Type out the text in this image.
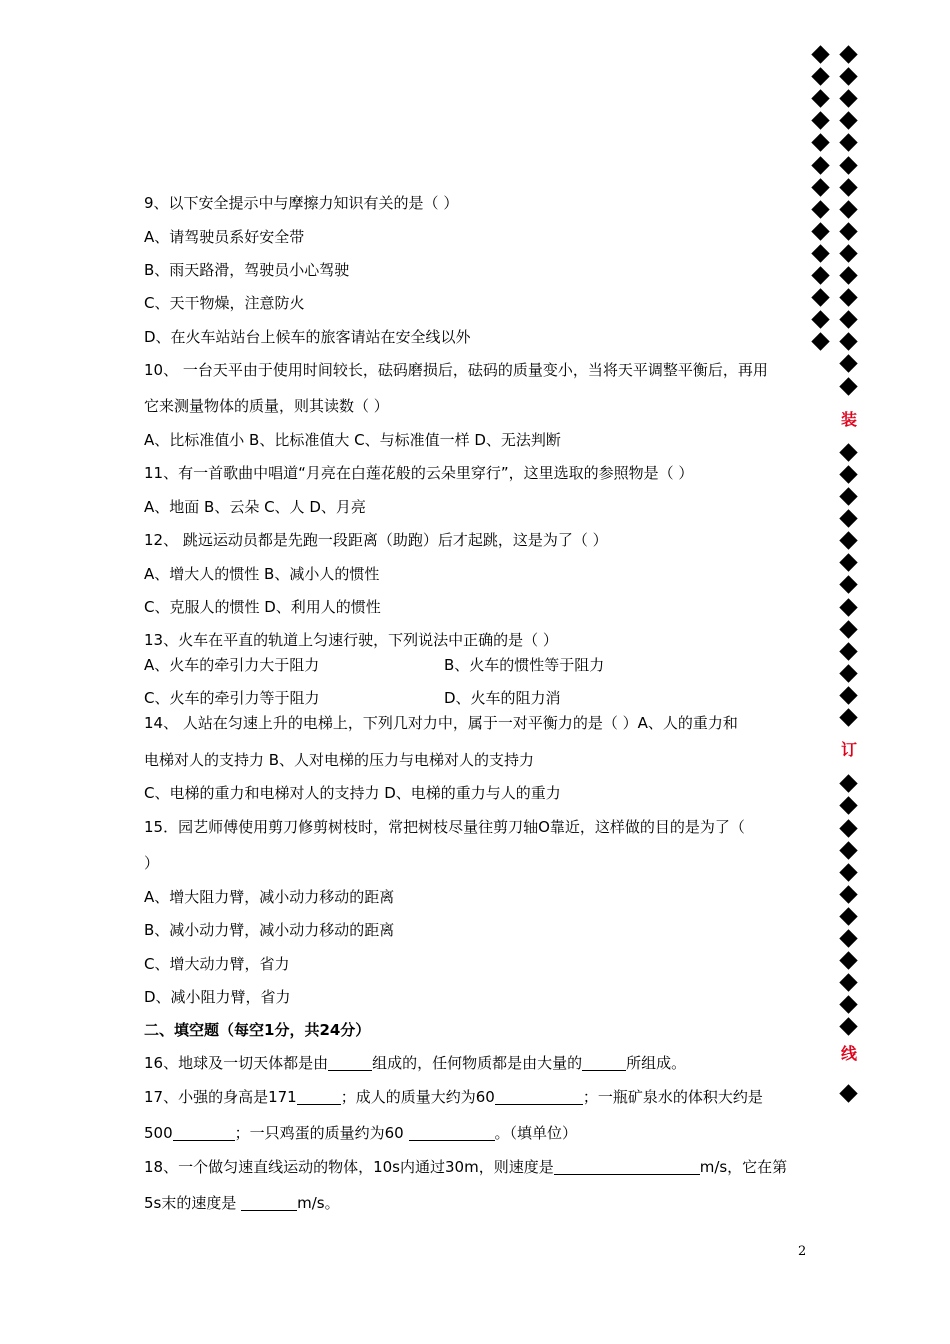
9、以下安全提示中与摩擦力知识有关的是（ ）
A、请驾驶员系好安全带
B、雨天路滑，驾驶员小心驾驶
C、天干物燥，注意防火
D、在火车站站台上候车的旅客请站在安全线以外
10、 一台天平由于使用时间较长，砝码磨损后，砝码的质量变小，当将天平调整平衡后，再用
它来测量物体的质量，则其读数（ ）
A、比标准值小 B、比标准值大 C、与标准值一样 D、无法判断
11、有一首歌曲中唱道“月亮在白莲花般的云朵里穿行”，这里选取的参照物是（ ）
A、地面 B、云朵 C、人 D、月亮
12、 跳远运动员都是先跑一段距离（助跑）后才起跳，这是为了（ ）
A、增大人的惯性 B、减小人的惯性
C、克服人的惯性 D、利用人的惯性
13、火车在平直的轨道上匀速行驶，下列说法中正确的是（ ）
A、火车的牵引力大于阻力	B、火车的惯性等于阻力
C、火车的牵引力等于阻力	D、火车的阻力消
14、 人站在匀速上升的电梯上，下列几对力中，属于一对平衡力的是（ ）A、人的重力和
电梯对人的支持力 B、人对电梯的压力与电梯对人的支持力
C、电梯的重力和电梯对人的支持力 D、电梯的重力与人的重力
15．园艺师傅使用剪刀修剪树枝时，常把树枝尽量往剪刀轴O靠近，这样做的目的是为了（
）
A、增大阻力臂，减小动力移动的距离
B、减小动力臂，减小动力移动的距离
C、增大动力臂，省力
D、减小阻力臂，省力
二、填空题（每空1分，共24分）
16、地球及一切天体都是由	组成的，任何物质都是由大量的	所组成。
17、小强的身高是171	；成人的质量大约为60	；一瓶矿泉水的体积大约是
500	；一只鸡蛋的质量约为60	。（填单位）
18、一个做匀速直线运动的物体，10s内通过30m，则速度是	m/s，它在第
5s末的速度是	m/s。
装
订
线
2
